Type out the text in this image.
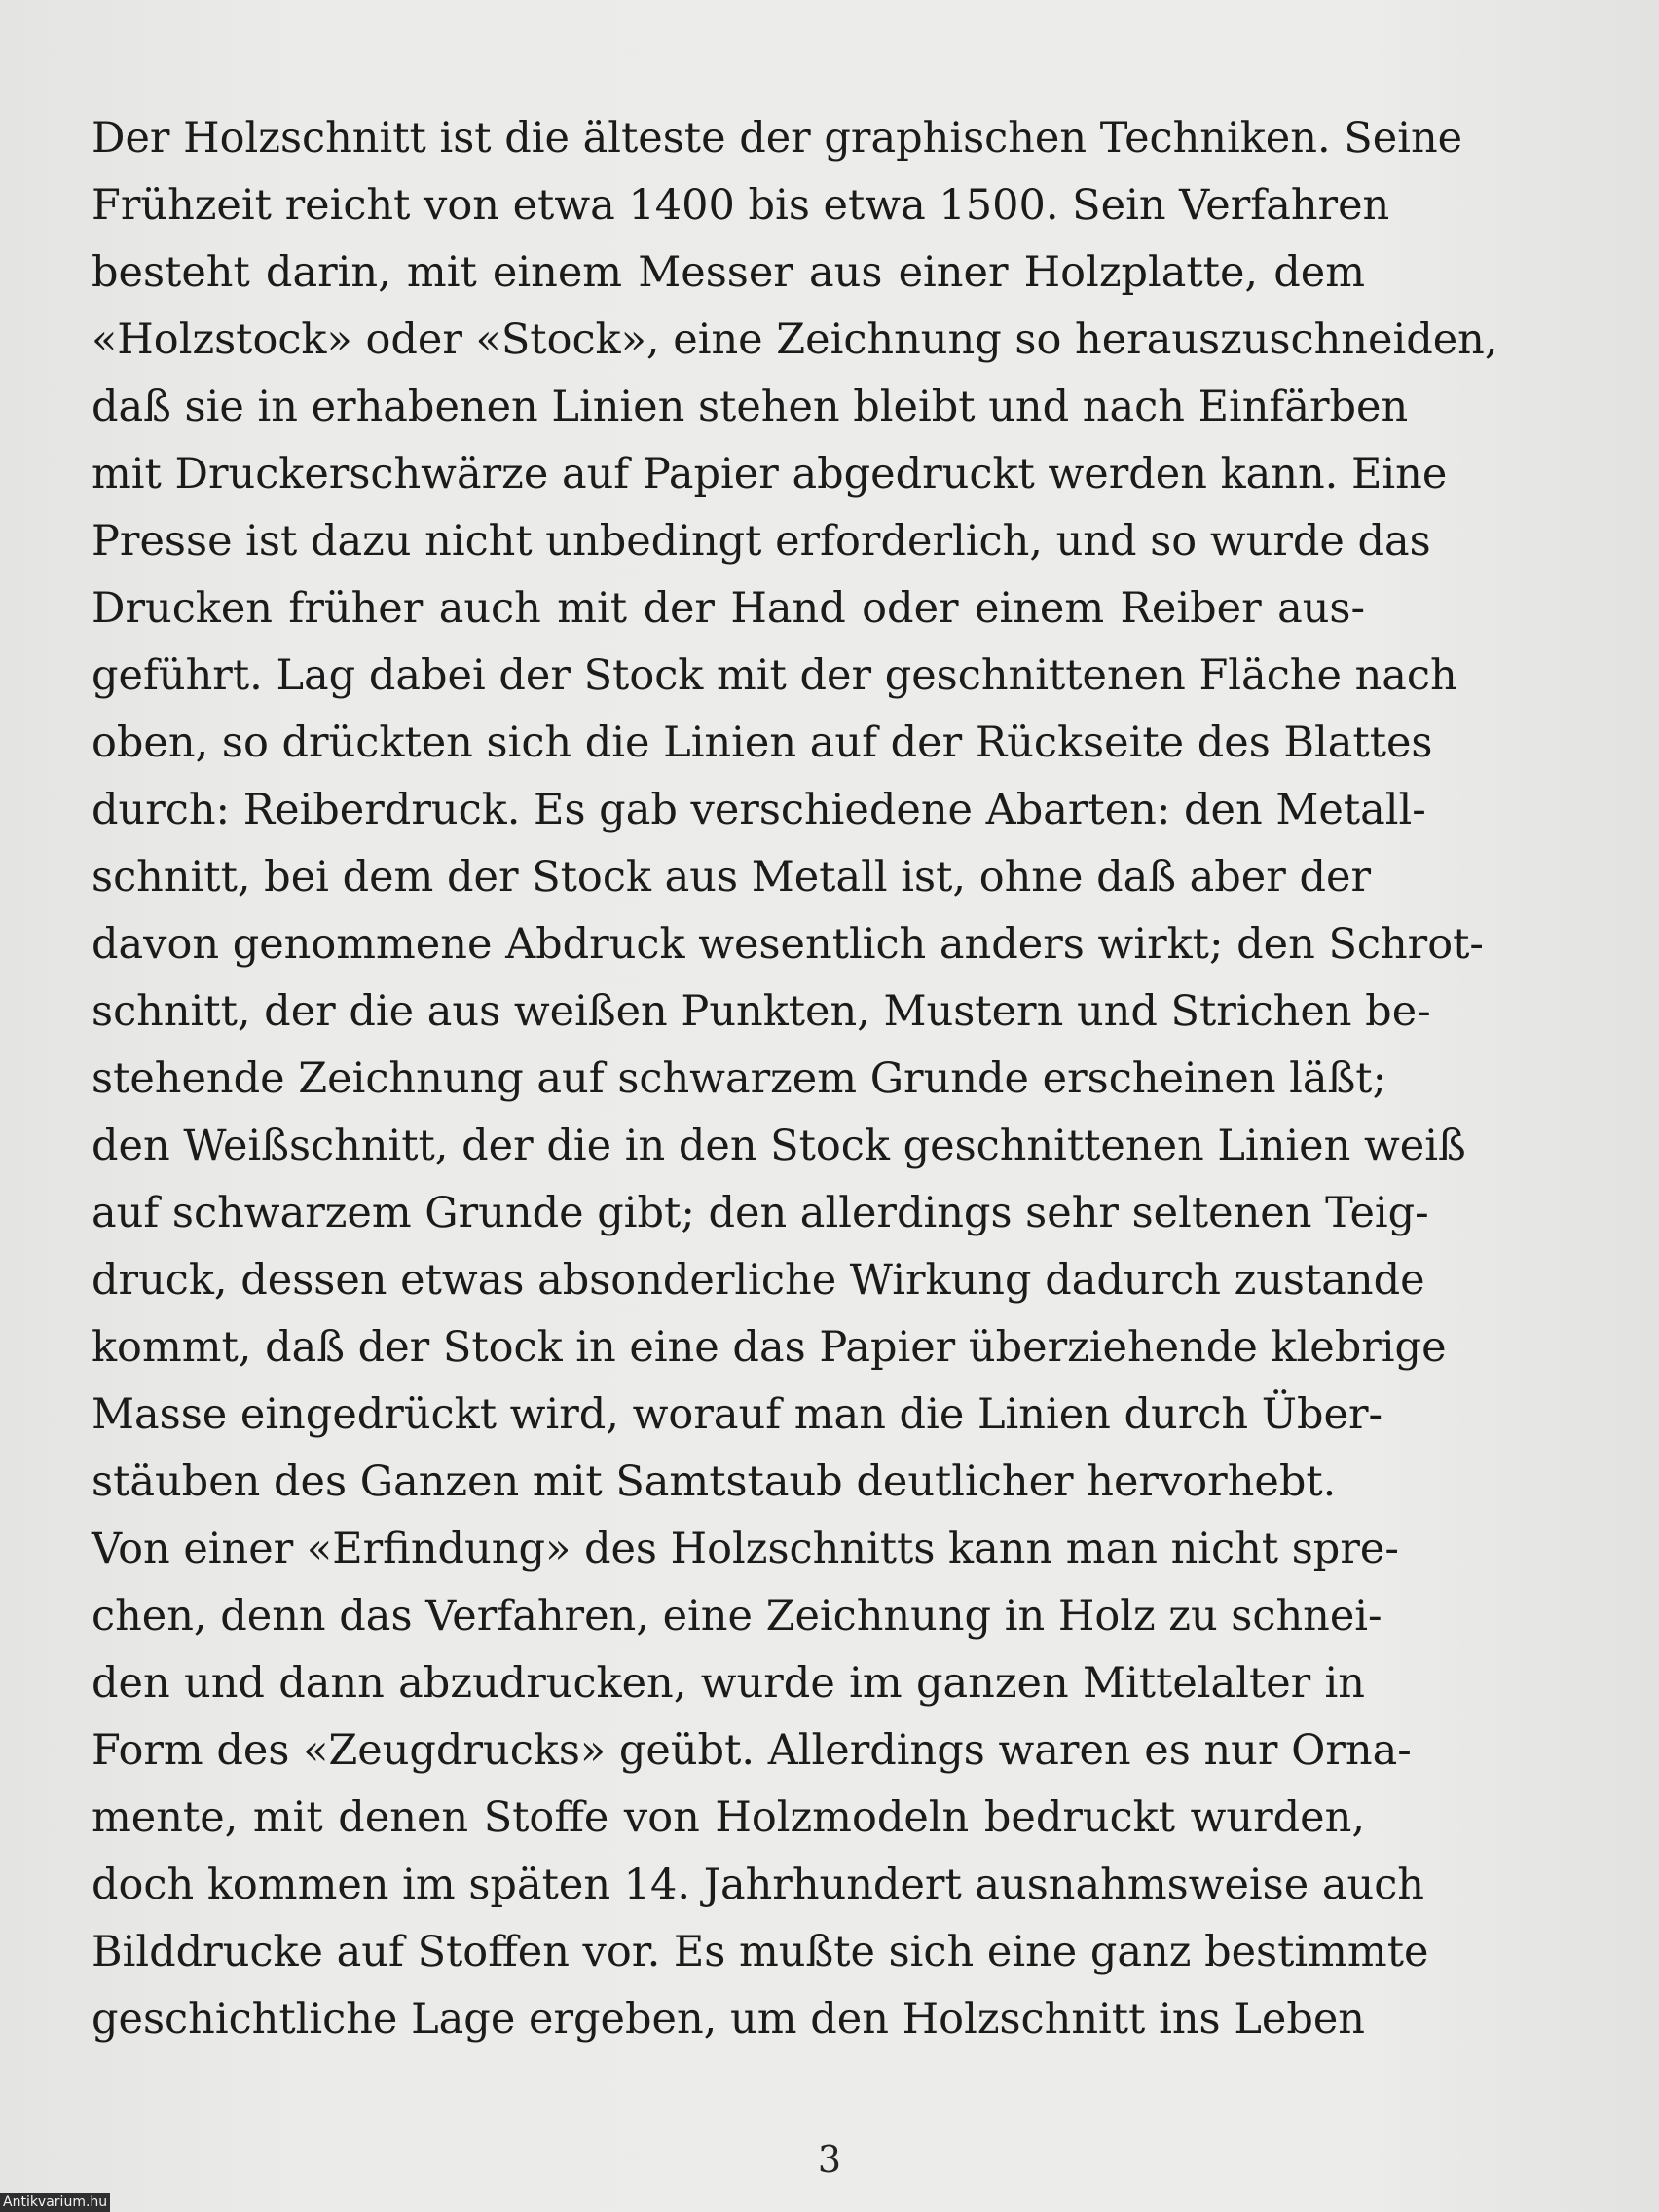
Der Holzschnitt ist die älteste der graphischen Techniken. Seine
Frühzeit reicht von etwa 1400 bis etwa 1500. Sein Verfahren
besteht darin, mit einem Messer aus einer Holzplatte, dem
«Holzstock» oder «Stock», eine Zeichnung so herauszuschneiden,
daß sie in erhabenen Linien stehen bleibt und nach Einfärben
mit Druckerschwärze auf Papier abgedruckt werden kann. Eine
Presse ist dazu nicht unbedingt erforderlich, und so wurde das
Drucken früher auch mit der Hand oder einem Reiber aus-
geführt. Lag dabei der Stock mit der geschnittenen Fläche nach
oben, so drückten sich die Linien auf der Rückseite des Blattes
durch: Reiberdruck. Es gab verschiedene Abarten: den Metall-
schnitt, bei dem der Stock aus Metall ist, ohne daß aber der
davon genommene Abdruck wesentlich anders wirkt; den Schrot-
schnitt, der die aus weißen Punkten, Mustern und Strichen be-
stehende Zeichnung auf schwarzem Grunde erscheinen läßt;
den Weißschnitt, der die in den Stock geschnittenen Linien weiß
auf schwarzem Grunde gibt; den allerdings sehr seltenen Teig-
druck, dessen etwas absonderliche Wirkung dadurch zustande
kommt, daß der Stock in eine das Papier überziehende klebrige
Masse eingedrückt wird, worauf man die Linien durch Über-
stäuben des Ganzen mit Samtstaub deutlicher hervorhebt.
Von einer «Erfindung» des Holzschnitts kann man nicht spre-
chen, denn das Verfahren, eine Zeichnung in Holz zu schnei-
den und dann abzudrucken, wurde im ganzen Mittelalter in
Form des «Zeugdrucks» geübt. Allerdings waren es nur Orna-
mente, mit denen Stoffe von Holzmodeln bedruckt wurden,
doch kommen im späten 14. Jahrhundert ausnahmsweise auch
Bilddrucke auf Stoffen vor. Es mußte sich eine ganz bestimmte
geschichtliche Lage ergeben, um den Holzschnitt ins Leben
3
Antikvarium.hu
